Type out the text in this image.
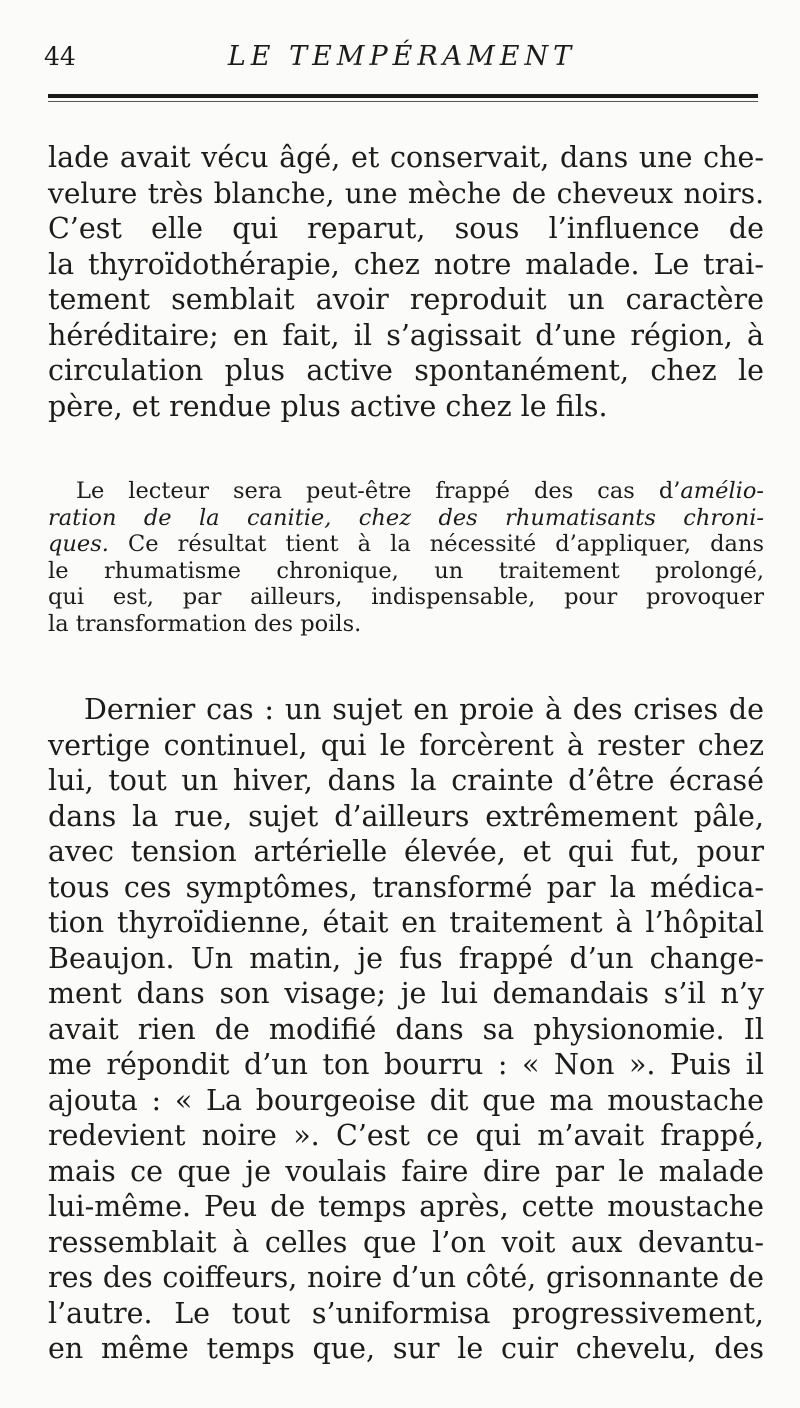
44	LE TEMPÉRAMENT
lade avait vécu âgé, et conservait, dans une che-
velure très blanche, une mèche de cheveux noirs.
C’est elle qui reparut, sous l’influence de
la thyroïdothérapie, chez notre malade. Le trai-
tement semblait avoir reproduit un caractère
héréditaire; en fait, il s’agissait d’une région, à
circulation plus active spontanément, chez le
père, et rendue plus active chez le fils.
Le lecteur sera peut-être frappé des cas d’amélio-
ration de la canitie, chez des rhumatisants chroni-
ques. Ce résultat tient à la nécessité d’appliquer, dans
le rhumatisme chronique, un traitement prolongé,
qui est, par ailleurs, indispensable, pour provoquer
la transformation des poils.
Dernier cas : un sujet en proie à des crises de
vertige continuel, qui le forcèrent à rester chez
lui, tout un hiver, dans la crainte d’être écrasé
dans la rue, sujet d’ailleurs extrêmement pâle,
avec tension artérielle élevée, et qui fut, pour
tous ces symptômes, transformé par la médica-
tion thyroïdienne, était en traitement à l’hôpital
Beaujon. Un matin, je fus frappé d’un change-
ment dans son visage; je lui demandais s’il n’y
avait rien de modifié dans sa physionomie. Il
me répondit d’un ton bourru : « Non ». Puis il
ajouta : « La bourgeoise dit que ma moustache
redevient noire ». C’est ce qui m’avait frappé,
mais ce que je voulais faire dire par le malade
lui-même. Peu de temps après, cette moustache
ressemblait à celles que l’on voit aux devantu-
res des coiffeurs, noire d’un côté, grisonnante de
l’autre. Le tout s’uniformisa progressivement,
en même temps que, sur le cuir chevelu, des
